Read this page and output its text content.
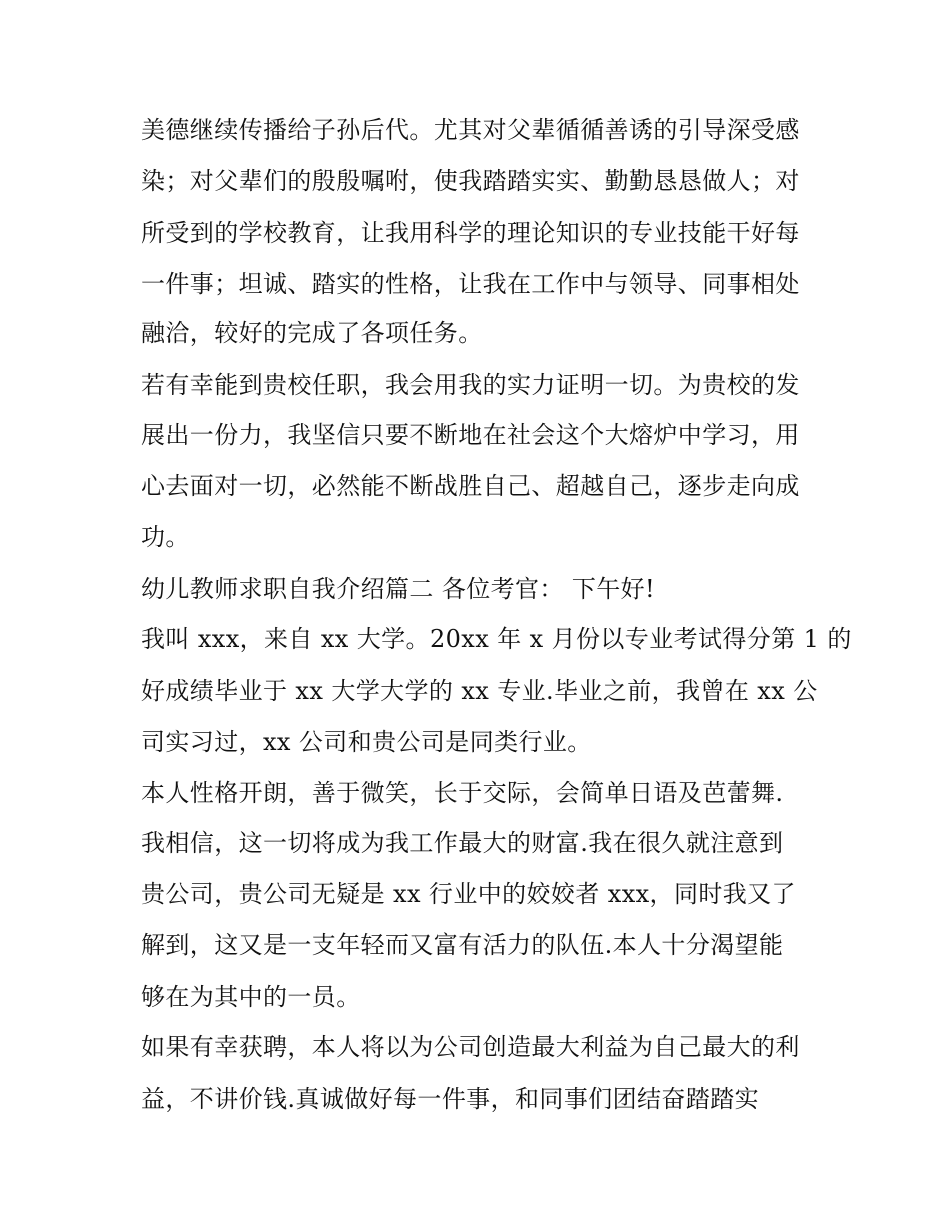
美德继续传播给子孙后代。尤其对父辈循循善诱的引导深受感
染；对父辈们的殷殷嘱咐，使我踏踏实实、勤勤恳恳做人；对
所受到的学校教育，让我用科学的理论知识的专业技能干好每
一件事；坦诚、踏实的性格，让我在工作中与领导、同事相处
融洽，较好的完成了各项任务。
若有幸能到贵校任职，我会用我的实力证明一切。为贵校的发
展出一份力，我坚信只要不断地在社会这个大熔炉中学习，用
心去面对一切，必然能不断战胜自己、超越自己，逐步走向成
功。
幼儿教师求职自我介绍篇二 各位考官： 下午好!
我叫 xxx，来自 xx 大学。20xx 年 x 月份以专业考试得分第 1 的
好成绩毕业于 xx 大学大学的 xx 专业.毕业之前，我曾在 xx 公
司实习过，xx 公司和贵公司是同类行业。
本人性格开朗，善于微笑，长于交际，会简单日语及芭蕾舞.
我相信，这一切将成为我工作最大的财富.我在很久就注意到
贵公司，贵公司无疑是 xx 行业中的姣姣者 xxx，同时我又了
解到，这又是一支年轻而又富有活力的队伍.本人十分渴望能
够在为其中的一员。
如果有幸获聘，本人将以为公司创造最大利益为自己最大的利
益，不讲价钱.真诚做好每一件事，和同事们团结奋踏踏实
